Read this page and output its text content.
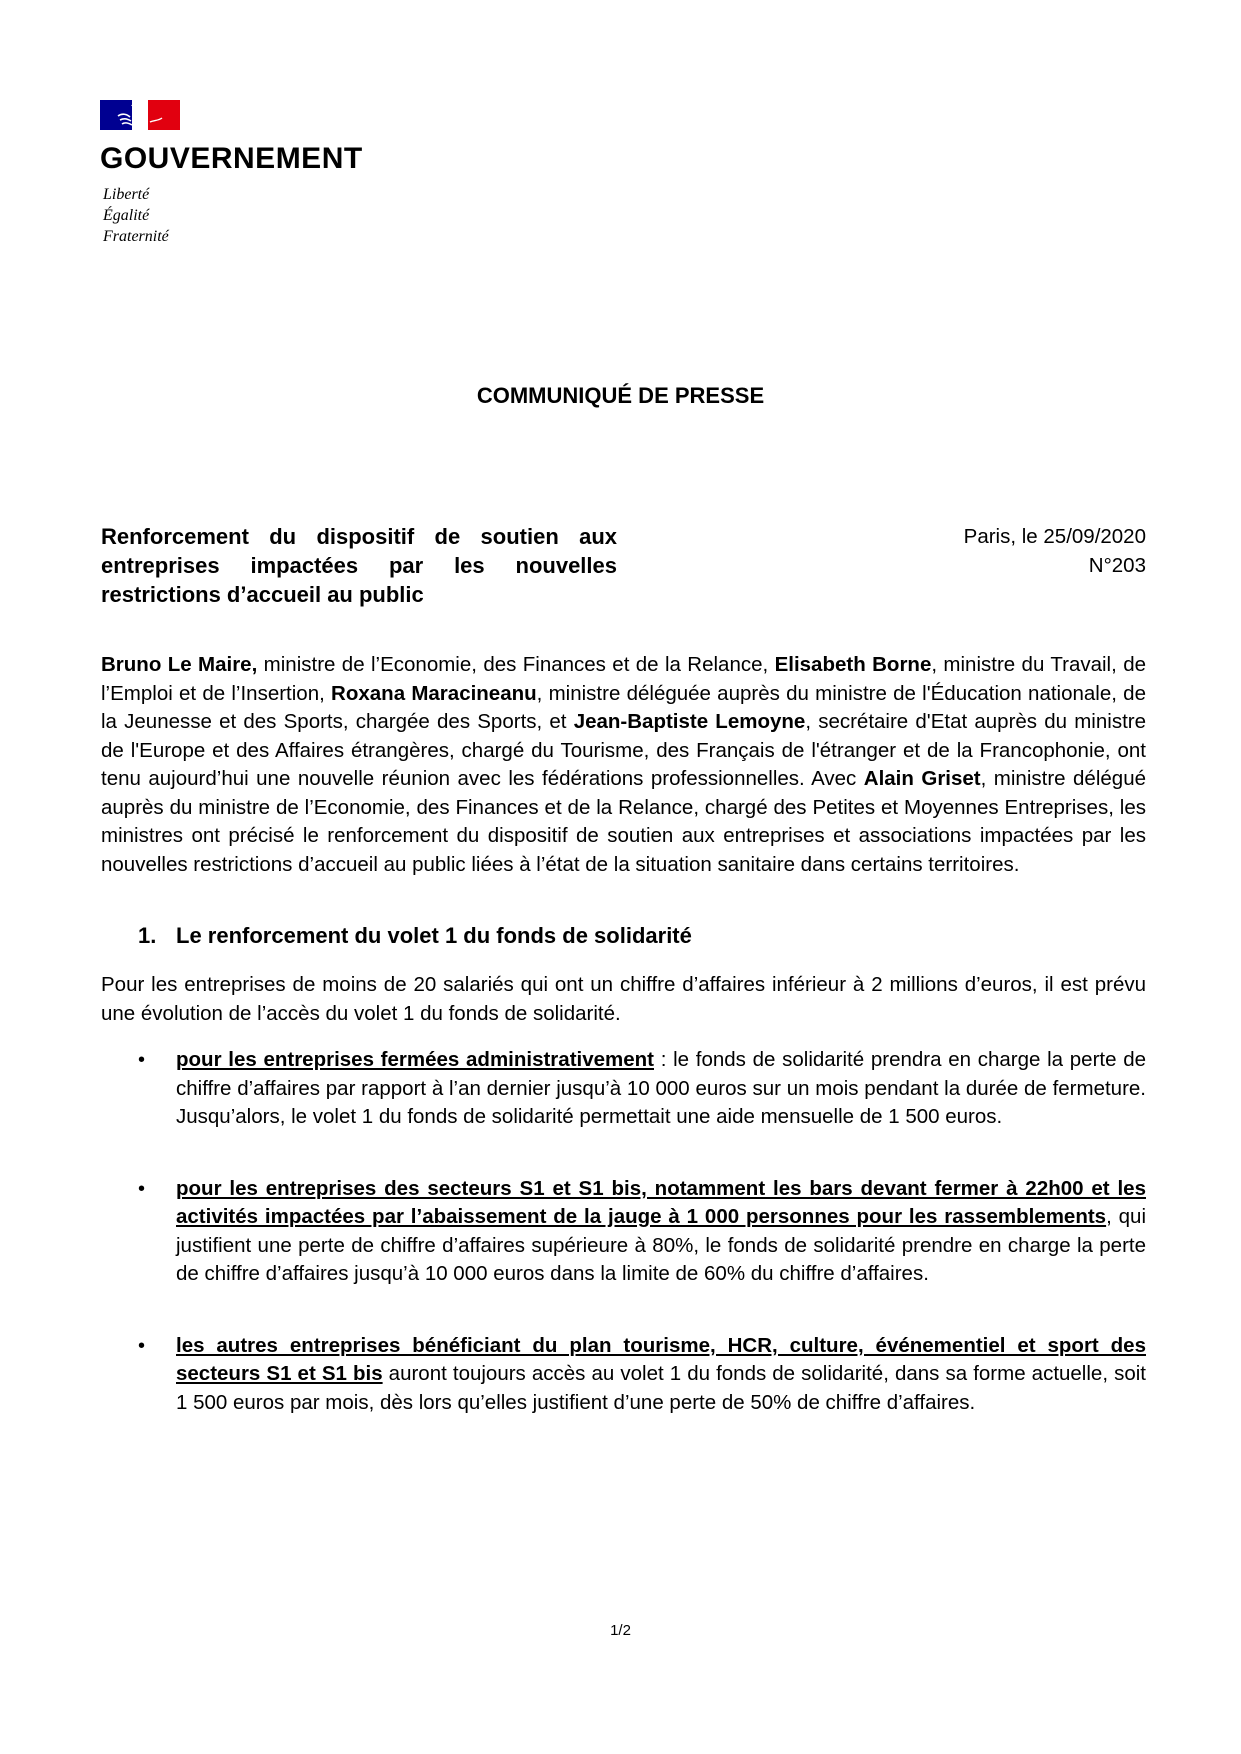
GOUVERNEMENT
Liberté
Égalité
Fraternité
COMMUNIQUÉ DE PRESSE
Renforcement du dispositif de soutien aux entreprises impactées par les nouvelles restrictions d’accueil au public
Paris, le 25/09/2020
N°203
Bruno Le Maire, ministre de l’Economie, des Finances et de la Relance, Elisabeth Borne, ministre du Travail, de l’Emploi et de l’Insertion, Roxana Maracineanu, ministre déléguée auprès du ministre de l'Éducation nationale, de la Jeunesse et des Sports, chargée des Sports, et Jean-Baptiste Lemoyne, secrétaire d'Etat auprès du ministre de l'Europe et des Affaires étrangères, chargé du Tourisme, des Français de l'étranger et de la Francophonie, ont tenu aujourd’hui une nouvelle réunion avec les fédérations professionnelles. Avec Alain Griset, ministre délégué auprès du ministre de l’Economie, des Finances et de la Relance, chargé des Petites et Moyennes Entreprises, les ministres ont précisé le renforcement du dispositif de soutien aux entreprises et associations impactées par les nouvelles restrictions d’accueil au public liées à l’état de la situation sanitaire dans certains territoires.
1. Le renforcement du volet 1 du fonds de solidarité
Pour les entreprises de moins de 20 salariés qui ont un chiffre d’affaires inférieur à 2 millions d’euros, il est prévu une évolution de l’accès du volet 1 du fonds de solidarité.
• pour les entreprises fermées administrativement : le fonds de solidarité prendra en charge la perte de chiffre d’affaires par rapport à l’an dernier jusqu’à 10 000 euros sur un mois pendant la durée de fermeture. Jusqu’alors, le volet 1 du fonds de solidarité permettait une aide mensuelle de 1 500 euros.
• pour les entreprises des secteurs S1 et S1 bis, notamment les bars devant fermer à 22h00 et les activités impactées par l’abaissement de la jauge à 1 000 personnes pour les rassemblements, qui justifient une perte de chiffre d’affaires supérieure à 80%, le fonds de solidarité prendre en charge la perte de chiffre d’affaires jusqu’à 10 000 euros dans la limite de 60% du chiffre d’affaires.
• les autres entreprises bénéficiant du plan tourisme, HCR, culture, événementiel et sport des secteurs S1 et S1 bis auront toujours accès au volet 1 du fonds de solidarité, dans sa forme actuelle, soit 1 500 euros par mois, dès lors qu’elles justifient d’une perte de 50% de chiffre d’affaires.
1/2
